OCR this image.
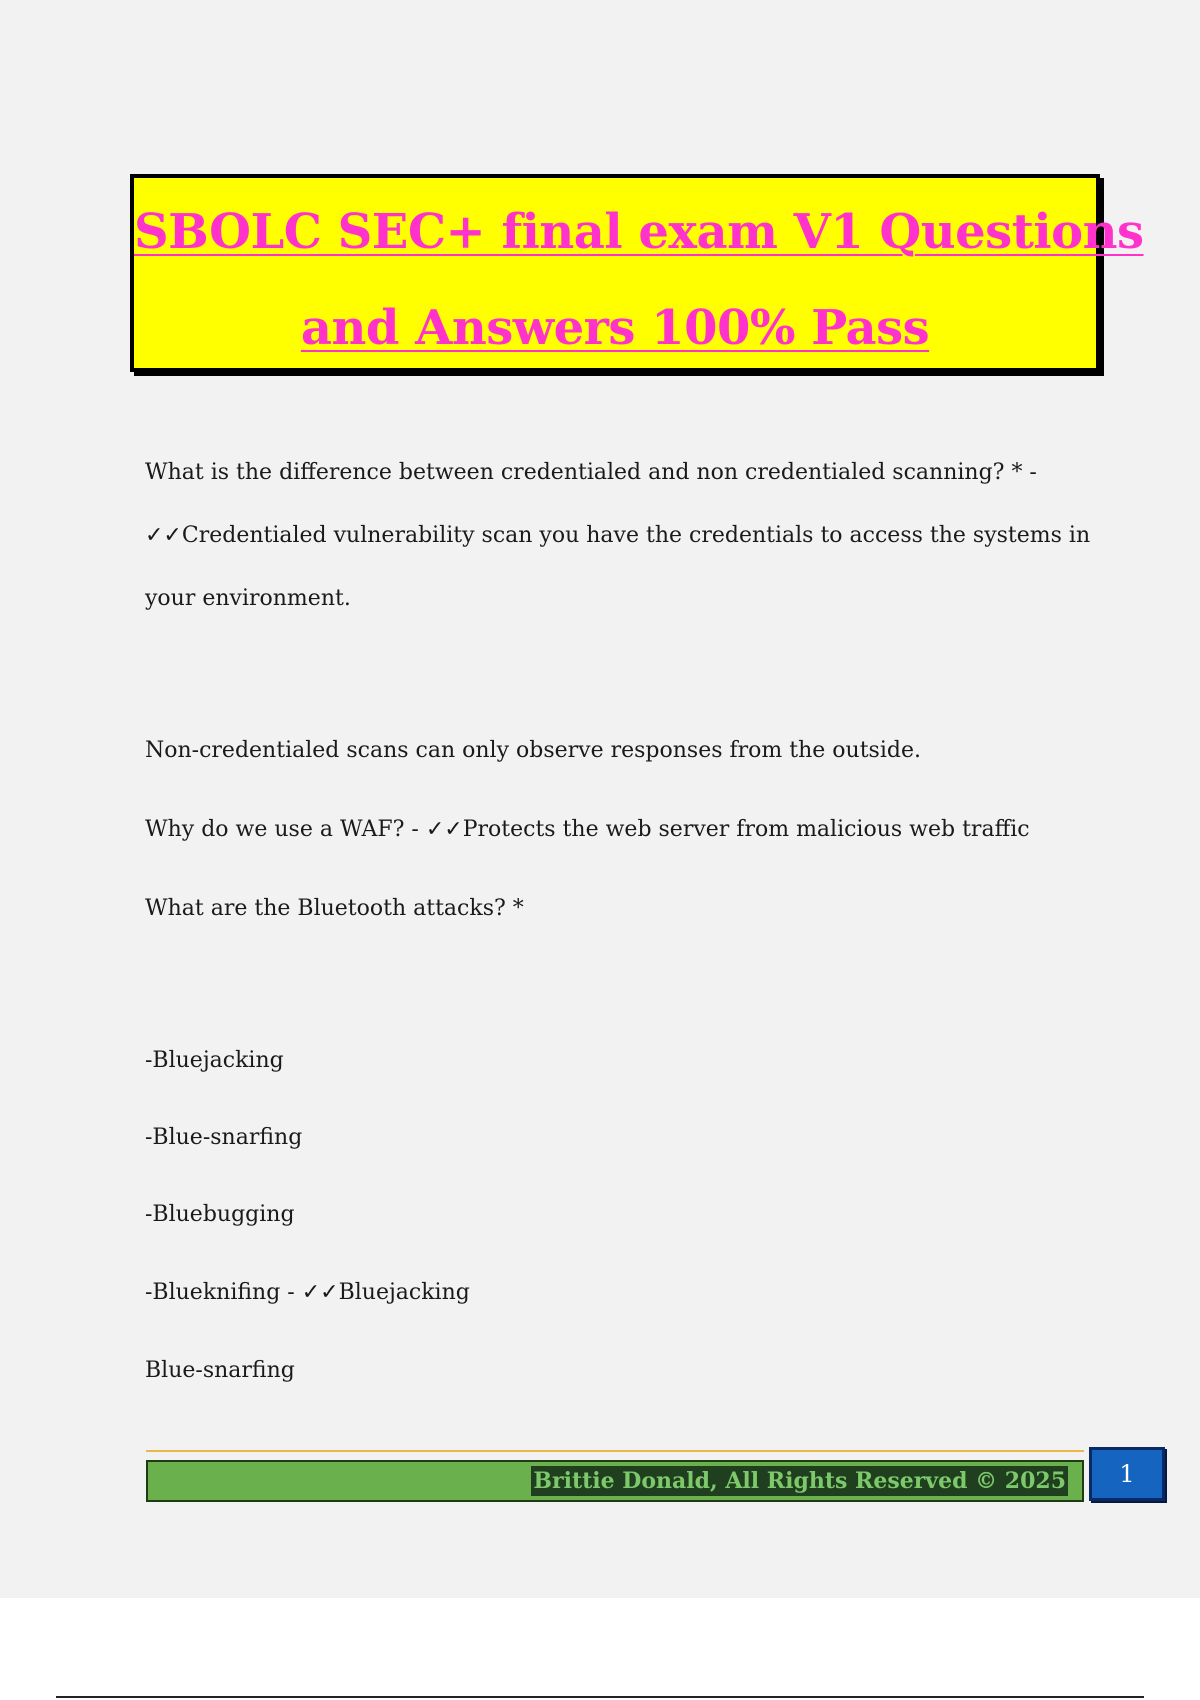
SBOLC SEC+ final exam V1 Questions
and Answers 100% Pass
What is the difference between credentialed and non credentialed scanning? * -
✓✓Credentialed vulnerability scan you have the credentials to access the systems in
your environment.
Non-credentialed scans can only observe responses from the outside.
Why do we use a WAF? - ✓✓Protects the web server from malicious web traffic
What are the Bluetooth attacks? *
-Bluejacking
-Blue-snarfing
-Bluebugging
-Blueknifing - ✓✓Bluejacking
Blue-snarfing
Brittie Donald, All Rights Reserved © 2025	1
